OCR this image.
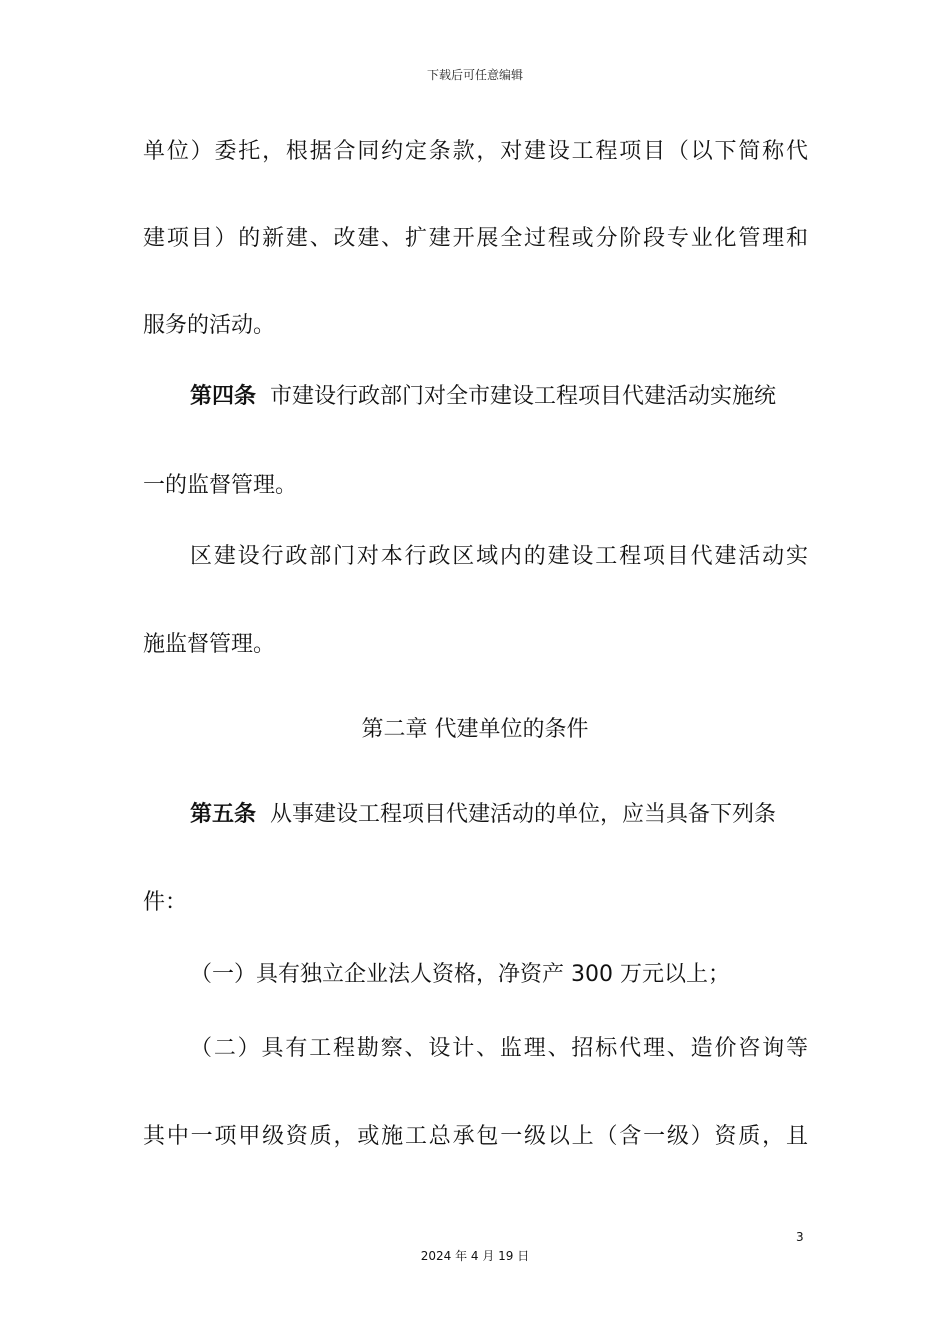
下载后可任意编辑
单位）委托，根据合同约定条款，对建设工程项目（以下简称代
建项目）的新建、改建、扩建开展全过程或分阶段专业化管理和
服务的活动。
第四条 市建设行政部门对全市建设工程项目代建活动实施统
一的监督管理。
区建设行政部门对本行政区域内的建设工程项目代建活动实
施监督管理。
第二章 代建单位的条件
第五条 从事建设工程项目代建活动的单位，应当具备下列条
件：
（一）具有独立企业法人资格，净资产 300 万元以上；
（二）具有工程勘察、设计、监理、招标代理、造价咨询等
其中一项甲级资质，或施工总承包一级以上（含一级）资质，且
3
2024 年 4 月 19 日
